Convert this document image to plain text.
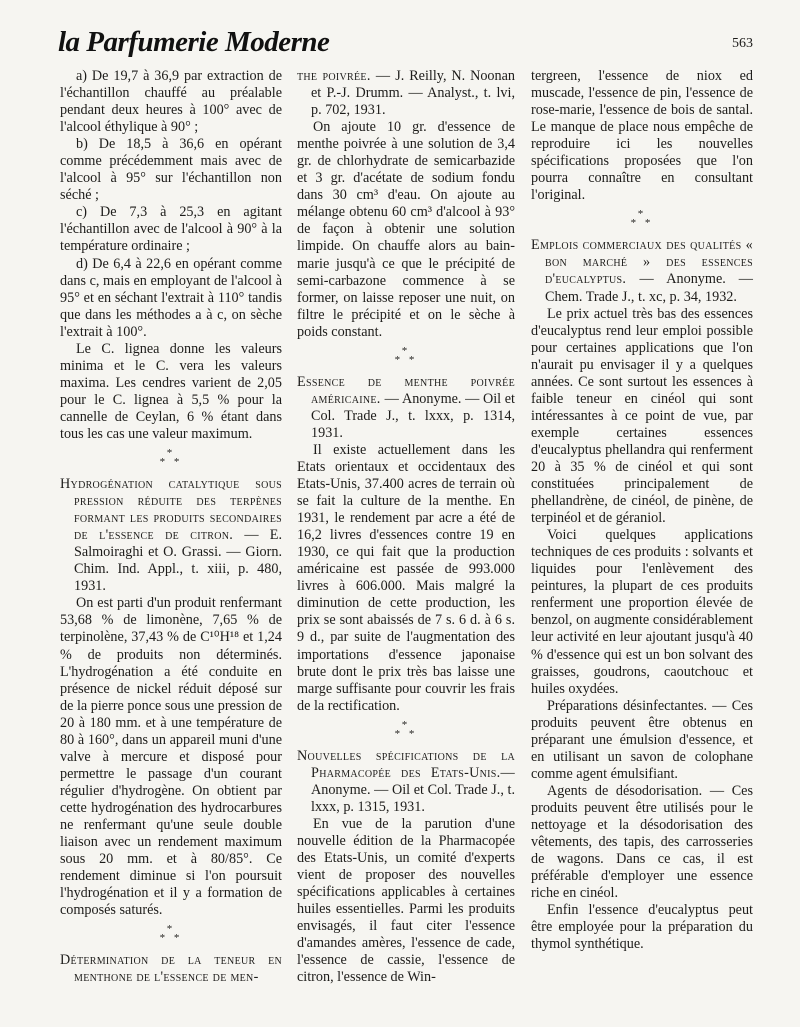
la Parfumerie Moderne	563

a) De 19,7 à 36,9 par extraction de l'échantillon chauffé au préalable pendant deux heures à 100° avec de l'alcool éthylique à 90° ;

b) De 18,5 à 36,6 en opérant comme précédemment mais avec de l'alcool à 95° sur l'échantillon non séché ;

c) De 7,3 à 25,3 en agitant l'échantillon avec de l'alcool à 90° à la température ordinaire ;

d) De 6,4 à 22,6 en opérant comme dans c, mais en employant de l'alcool à 95° et en séchant l'extrait à 110° tandis que dans les méthodes a à c, on sèche l'extrait à 100°.

Le C. lignea donne les valeurs minima et le C. vera les valeurs maxima. Les cendres varient de 2,05 pour le C. lignea à 5,5 % pour la cannelle de Ceylan, 6 % étant dans tous les cas une valeur maximum.

*
* *

Hydrogénation catalytique sous pression réduite des terpènes formant les produits secondaires de l'essence de citron. — E. Salmoiraghi et O. Grassi. — Giorn. Chim. Ind. Appl., t. xiii, p. 480, 1931.

On est parti d'un produit renfermant 53,68 % de limonène, 7,65 % de terpinolène, 37,43 % de C¹⁰H¹⁸ et 1,24 % de produits non déterminés. L'hydrogénation a été conduite en présence de nickel réduit déposé sur de la pierre ponce sous une pression de 20 à 180 mm. et à une température de 80 à 160°, dans un appareil muni d'une valve à mercure et disposé pour permettre le passage d'un courant régulier d'hydrogène. On obtient par cette hydrogénation des hydrocarbures ne renfermant qu'une seule double liaison avec un rendement maximum sous 20 mm. et à 80/85°. Ce rendement diminue si l'on poursuit l'hydrogénation et il y a formation de composés saturés.

*
* *

Détermination de la teneur en menthone de l'essence de men-

the poivrée. — J. Reilly, N. Noonan et P.-J. Drumm. — Analyst., t. lvi, p. 702, 1931.

On ajoute 10 gr. d'essence de menthe poivrée à une solution de 3,4 gr. de chlorhydrate de semicarbazide et 3 gr. d'acétate de sodium fondu dans 30 cm³ d'eau. On ajoute au mélange obtenu 60 cm³ d'alcool à 93° de façon à obtenir une solution limpide. On chauffe alors au bain-marie jusqu'à ce que le précipité de semi-carbazone commence à se former, on laisse reposer une nuit, on filtre le précipité et on le sèche à poids constant.

*
* *

Essence de menthe poivrée américaine. — Anonyme. — Oil et Col. Trade J., t. lxxx, p. 1314, 1931.

Il existe actuellement dans les Etats orientaux et occidentaux des Etats-Unis, 37.400 acres de terrain où se fait la culture de la menthe. En 1931, le rendement par acre a été de 16,2 livres d'essences contre 19 en 1930, ce qui fait que la production américaine est passée de 993.000 livres à 606.000. Mais malgré la diminution de cette production, les prix se sont abaissés de 7 s. 6 d. à 6 s. 9 d., par suite de l'augmentation des importations d'essence japonaise brute dont le prix très bas laisse une marge suffisante pour couvrir les frais de la rectification.

*
* *

Nouvelles spécifications de la Pharmacopée des Etats-Unis.— Anonyme. — Oil et Col. Trade J., t. lxxx, p. 1315, 1931.

En vue de la parution d'une nouvelle édition de la Pharmacopée des Etats-Unis, un comité d'experts vient de proposer des nouvelles spécifications applicables à certaines huiles essentielles. Parmi les produits envisagés, il faut citer l'essence d'amandes amères, l'essence de cade, l'essence de cassie, l'essence de citron, l'essence de Win-

tergreen, l'essence de niox ed muscade, l'essence de pin, l'essence de rose-marie, l'essence de bois de santal. Le manque de place nous empêche de reproduire ici les nouvelles spécifications proposées que l'on pourra connaître en consultant l'original.

*
* *

Emplois commerciaux des qualités « bon marché » des essences d'eucalyptus. — Anonyme. — Chem. Trade J., t. xc, p. 34, 1932.

Le prix actuel très bas des essences d'eucalyptus rend leur emploi possible pour certaines applications que l'on n'aurait pu envisager il y a quelques années. Ce sont surtout les essences à faible teneur en cinéol qui sont intéressantes à ce point de vue, par exemple certaines essences d'eucalyptus phellandra qui renferment 20 à 35 % de cinéol et qui sont constituées principalement de phellandrène, de cinéol, de pinène, de terpinéol et de géraniol.

Voici quelques applications techniques de ces produits : solvants et liquides pour l'enlèvement des peintures, la plupart de ces produits renferment une proportion élevée de benzol, on augmente considérablement leur activité en leur ajoutant jusqu'à 40 % d'essence qui est un bon solvant des graisses, goudrons, caoutchouc et huiles oxydées.

Préparations désinfectantes. — Ces produits peuvent être obtenus en préparant une émulsion d'essence, et en utilisant un savon de colophane comme agent émulsifiant.

Agents de désodorisation. — Ces produits peuvent être utilisés pour le nettoyage et la désodorisation des vêtements, des tapis, des carrosseries de wagons. Dans ce cas, il est préférable d'employer une essence riche en cinéol.

Enfin l'essence d'eucalyptus peut être employée pour la préparation du thymol synthétique.
